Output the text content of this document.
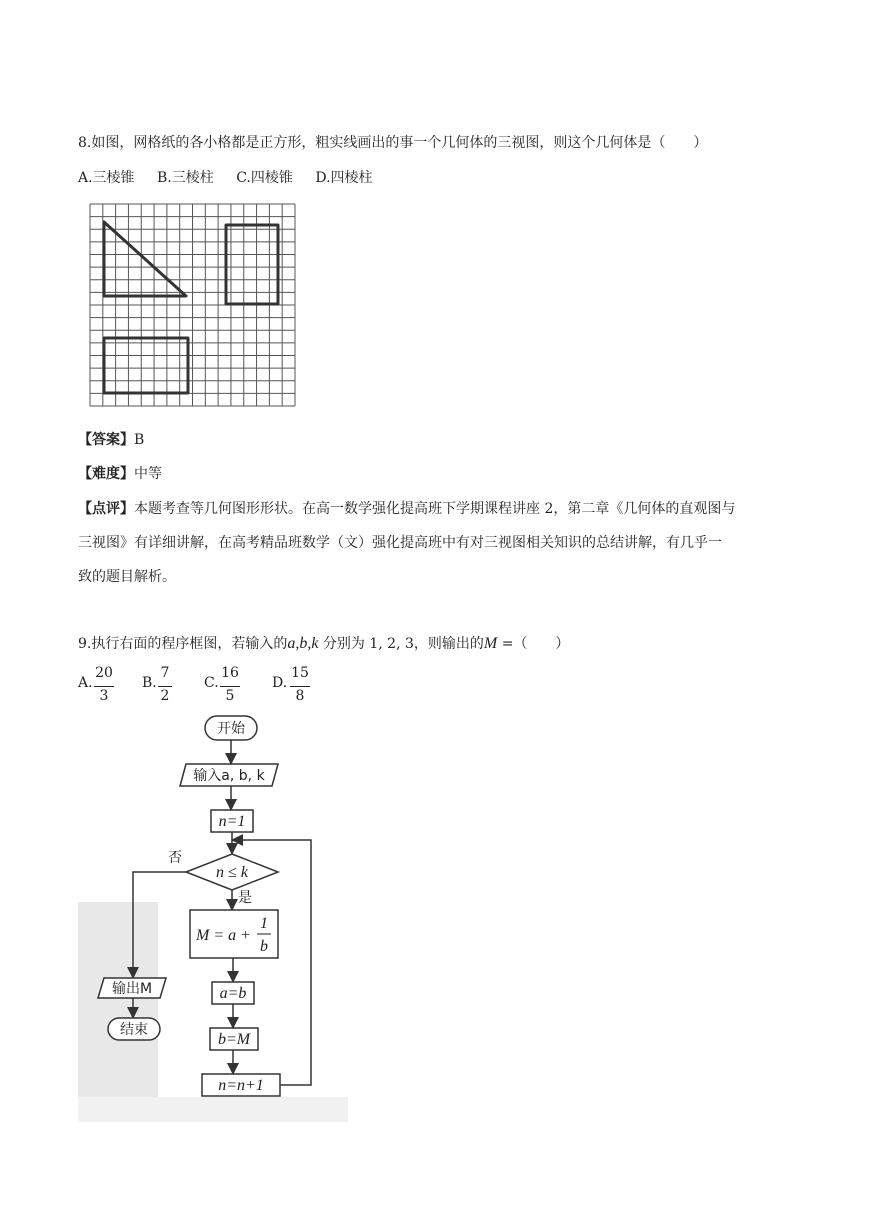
8.如图，网格纸的各小格都是正方形，粗实线画出的事一个几何体的三视图，则这个几何体是（　　）
A.三棱锥 B.三棱柱 C.四棱锥 D.四棱柱
【答案】B
【难度】中等
【点评】本题考查等几何图形形状。在高一数学强化提高班下学期课程讲座 2，第二章《几何体的直观图与
三视图》有详细讲解，在高考精品班数学（文）强化提高班中有对三视图相关知识的总结讲解，有几乎一
致的题目解析。
9.执行右面的程序框图，若输入的a,b,k 分别为 1, 2, 3，则输出的M =（　　）
A.
20
3
B.
7
2
C.
16
5
D.
15
8
开始
输入a, b, k
n=1
n ≤ k
否
是
M = a +
1
b
a=b
b=M
n=n+1
输出M
结束
